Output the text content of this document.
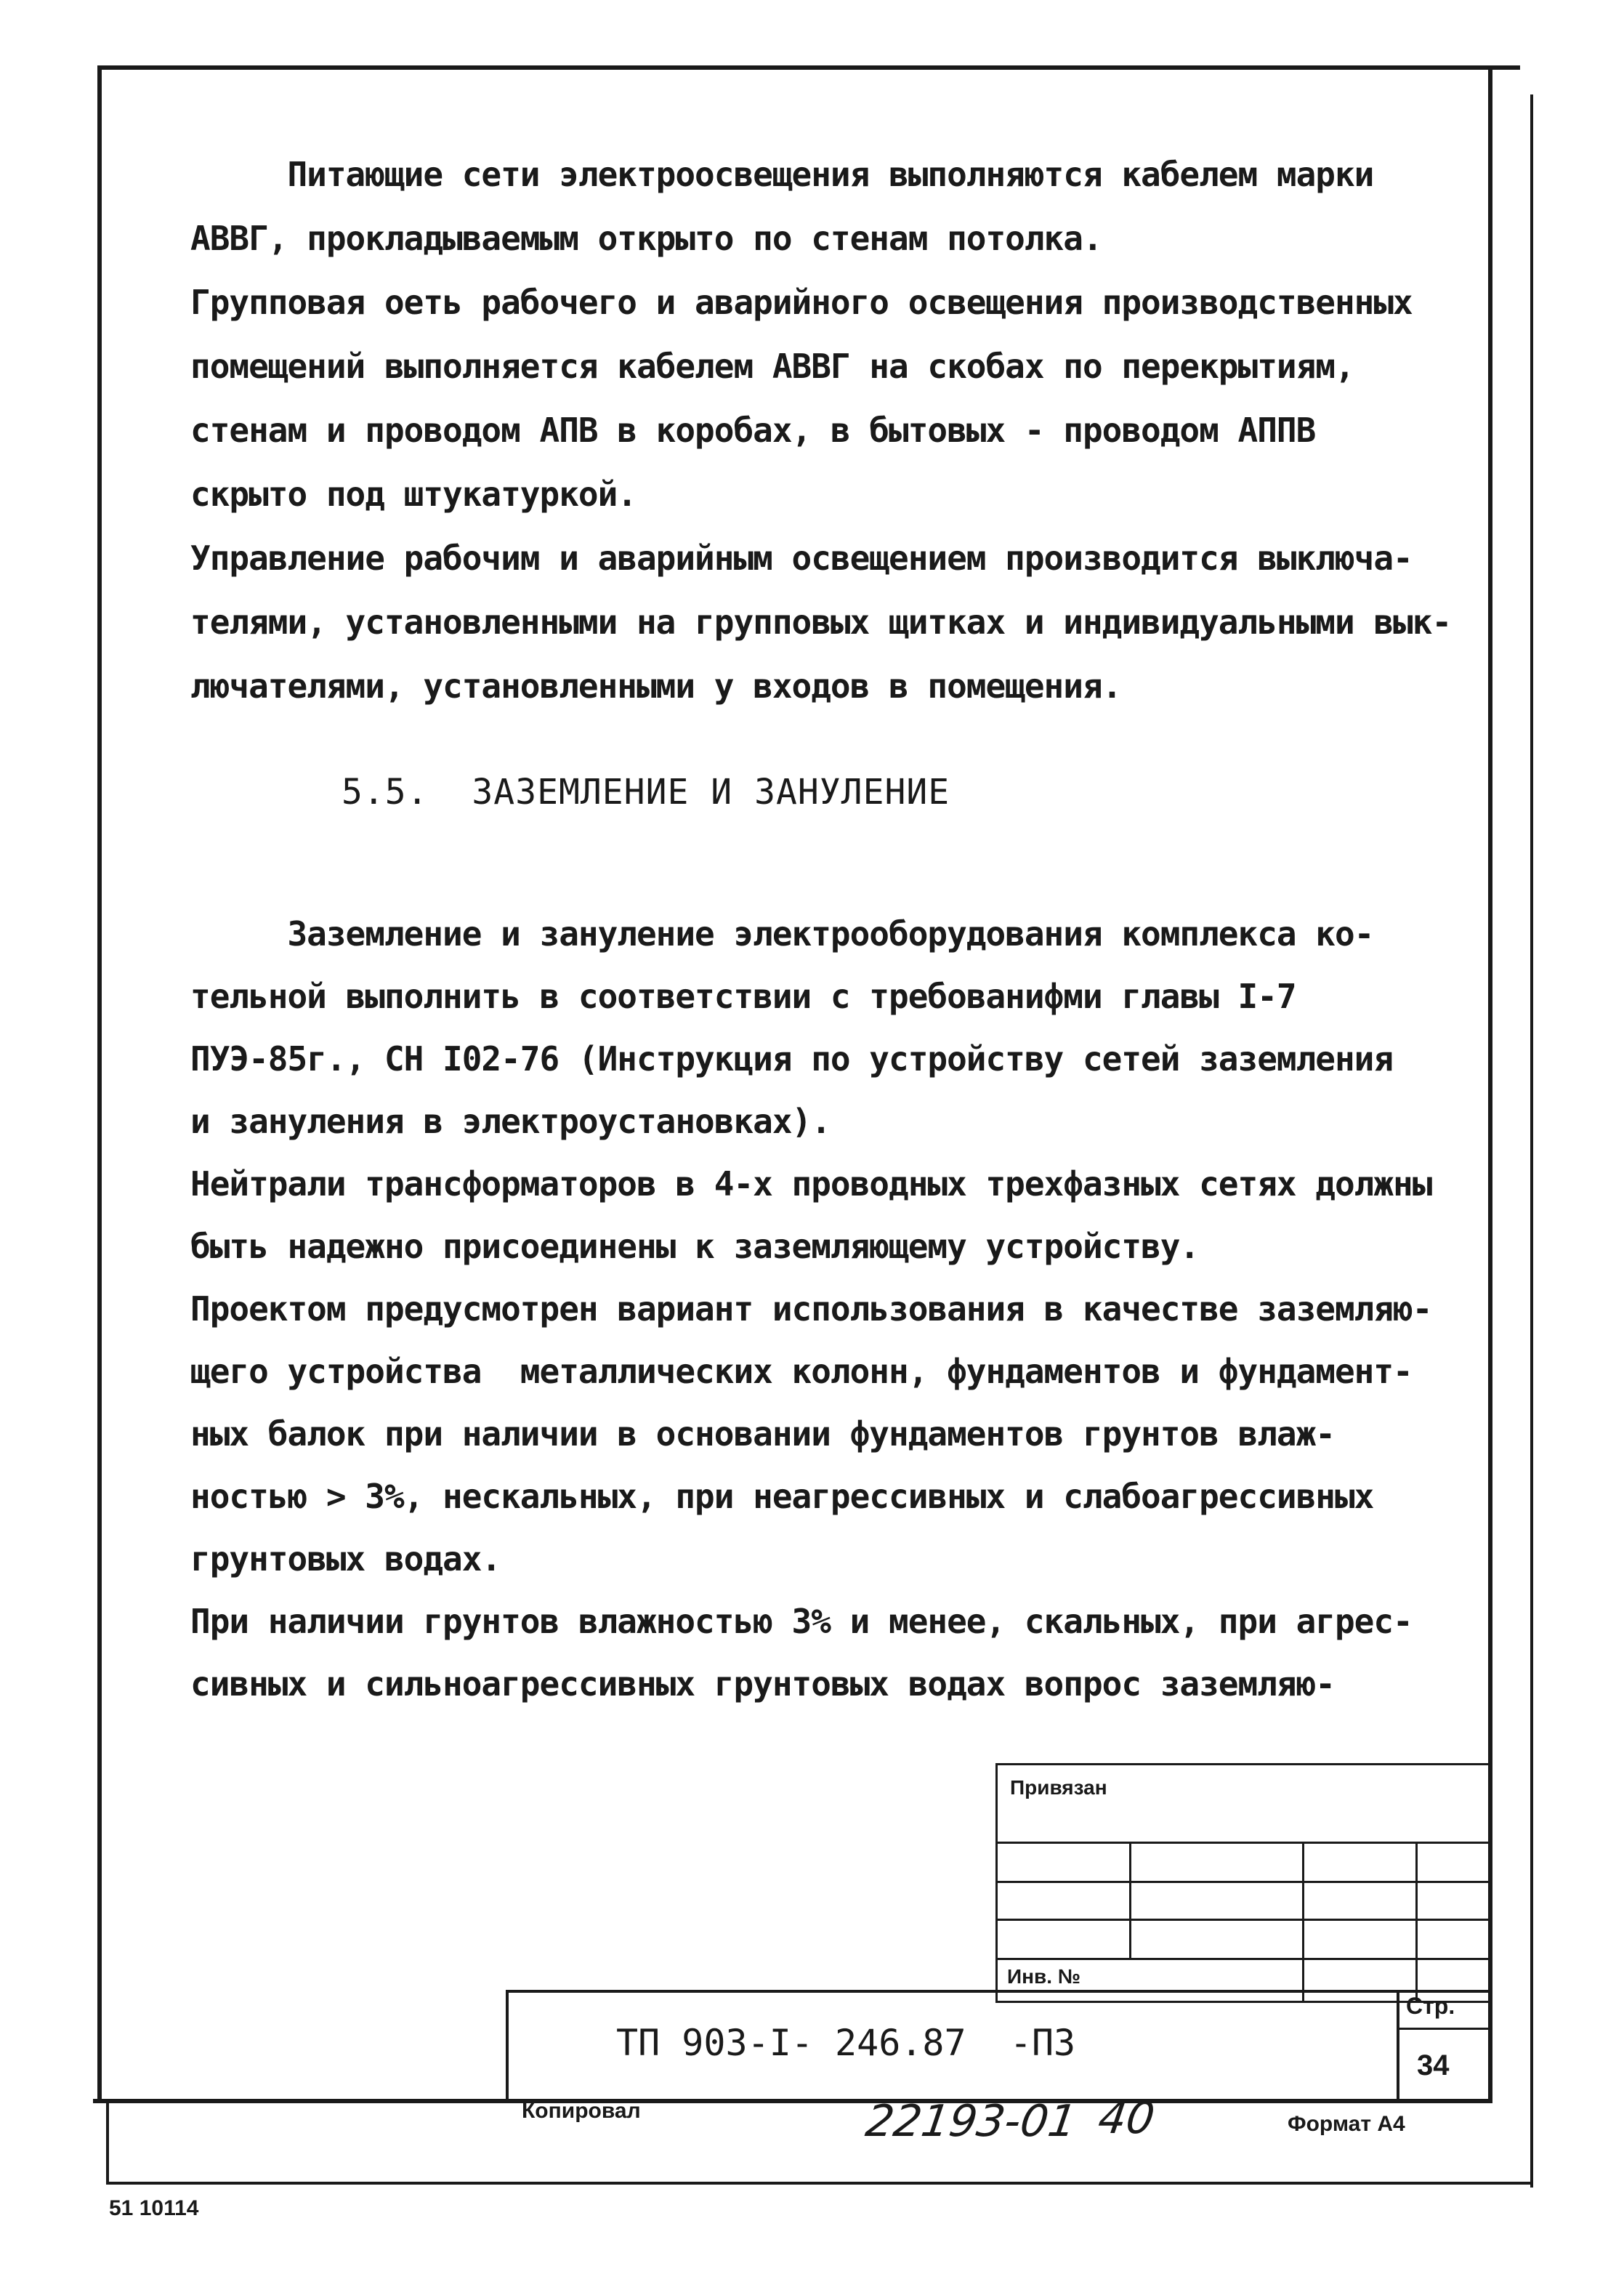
Питающие сети электроосвещения выполняются кабелем марки
АВВГ, прокладываемым открыто по стенам потолка.
Групповая оеть рабочего и аварийного освещения производственных
помещений выполняется кабелем АВВГ на скобах по перекрытиям,
стенам и проводом АПВ в коробах, в бытовых - проводом АППВ
скрыто под штукатуркой.
Управление рабочим и аварийным освещением производится выключа-
телями, установленными на групповых щитках и индивидуальными вык-
лючателями, установленными у входов в помещения.
5.5.  ЗАЗЕМЛЕНИЕ И ЗАНУЛЕНИЕ
Заземление и зануление электрооборудования комплекса ко-
тельной выполнить в соответствии с требованифми главы I-7
ПУЭ-85г., СН I02-76 (Инструкция по устройству сетей заземления
и зануления в электроустановках).
Нейтрали трансформаторов в 4-х проводных трехфазных сетях должны
быть надежно присоединены к заземляющему устройству.
Проектом предусмотрен вариант использования в качестве заземляю-
щего устройства  металлических колонн, фундаментов и фундамент-
ных балок при наличии в основании фундаментов грунтов влаж-
ностью > 3%, нескальных, при неагрессивных и слабоагрессивных
грунтовых водах.
При наличии грунтов влажностью 3% и менее, скальных, при агрес-
сивных и сильноагрессивных грунтовых водах вопрос заземляю-
Привязан
Инв. №
ТП 903-I- 246.87  -ПЗ
Стр.
34
Копировал	22193-01 40	Формат А4
51 10114
